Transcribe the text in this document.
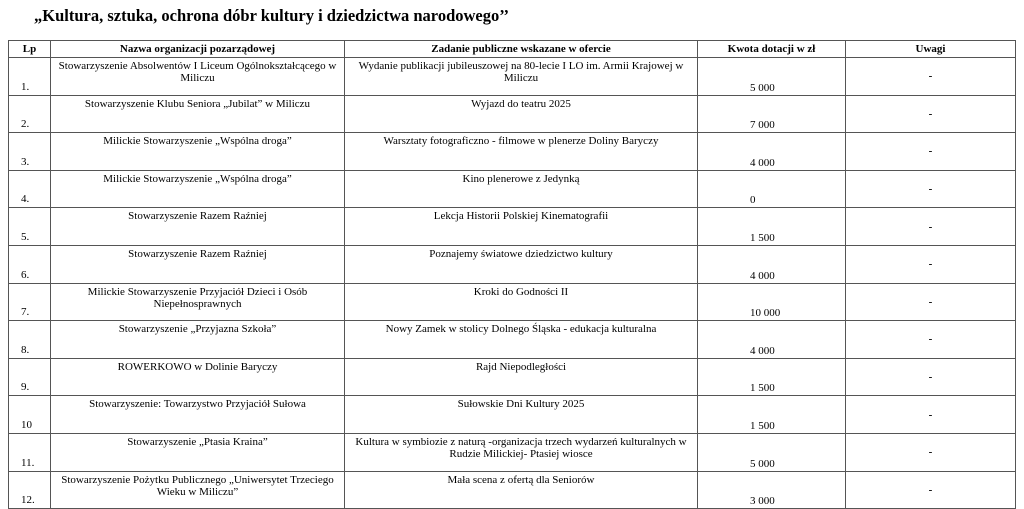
„Kultura, sztuka, ochrona dóbr kultury i dziedzictwa narodowego’’
Lp	Nazwa organizacji pozarządowej	Zadanie publiczne wskazane w ofercie	Kwota dotacji w zł	Uwagi
1.	Stowarzyszenie Absolwentów I Liceum Ogólnokształcącego w Miliczu	Wydanie publikacji jubileuszowej na 80-lecie I LO im. Armii Krajowej w Miliczu	5 000	-
2.	Stowarzyszenie Klubu Seniora „Jubilat” w Miliczu	Wyjazd do teatru 2025	7 000	-
3.	Milickie Stowarzyszenie „Wspólna droga”	Warsztaty fotograficzno - filmowe w plenerze Doliny Baryczy	4 000	-
4.	Milickie Stowarzyszenie „Wspólna droga”	Kino plenerowe z Jedynką	0	-
5.	Stowarzyszenie Razem Raźniej	Lekcja Historii Polskiej Kinematografii	1 500	-
6.	Stowarzyszenie Razem Raźniej	Poznajemy światowe dziedzictwo kultury	4 000	-
7.	Milickie Stowarzyszenie Przyjaciół Dzieci i Osób Niepełnosprawnych	Kroki do Godności II	10 000	-
8.	Stowarzyszenie „Przyjazna Szkoła”	Nowy Zamek w stolicy Dolnego Śląska - edukacja kulturalna	4 000	-
9.	ROWERKOWO w Dolinie Baryczy	Rajd Niepodległości	1 500	-
10	Stowarzyszenie: Towarzystwo Przyjaciół Sułowa	Sułowskie Dni Kultury 2025	1 500	-
11.	Stowarzyszenie „Ptasia Kraina”	Kultura w symbiozie z naturą -organizacja trzech wydarzeń kulturalnych w Rudzie Milickiej- Ptasiej wiosce	5 000	-
12.	Stowarzyszenie Pożytku Publicznego „Uniwersytet Trzeciego Wieku w Miliczu”	Mała scena z ofertą dla Seniorów	3 000	-
